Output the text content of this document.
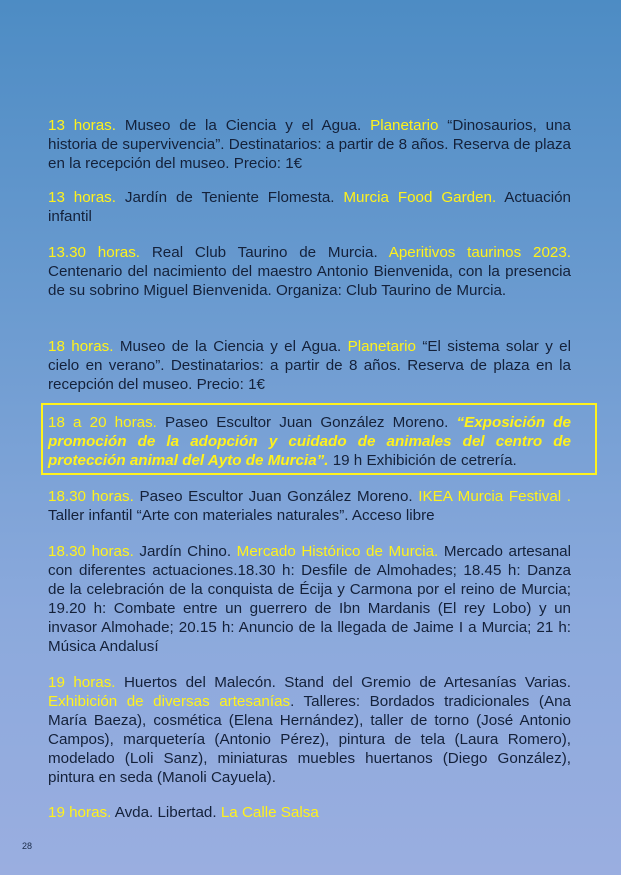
13 horas. Museo de la Ciencia y el Agua. Planetario “Dinosaurios, una historia de supervivencia”. Destinatarios: a partir de 8 años. Reserva de plaza en la recepción del museo. Precio: 1€

13 horas. Jardín de Teniente Flomesta. Murcia Food Garden. Actuación infantil

13.30 horas. Real Club Taurino de Murcia. Aperitivos taurinos 2023. Centenario del nacimiento del maestro Antonio Bienvenida, con la presencia de su sobrino Miguel Bienvenida. Organiza: Club Taurino de Murcia.

18 horas. Museo de la Ciencia y el Agua. Planetario “El sistema solar y el cielo en verano”. Destinatarios: a partir de 8 años. Reserva de plaza en la recepción del museo. Precio: 1€

18 a 20 horas. Paseo Escultor Juan González Moreno. “Exposición de promoción de la adopción y cuidado de animales del centro de protección animal del Ayto de Murcia”. 19 h Exhibición de cetrería.

18.30 horas. Paseo Escultor Juan González Moreno. IKEA Murcia Festival . Taller infantil “Arte con materiales naturales”. Acceso libre

18.30 horas. Jardín Chino. Mercado Histórico de Murcia. Mercado artesanal con diferentes actuaciones.18.30 h: Desfile de Almohades; 18.45 h: Danza de la celebración de la conquista de Écija y Carmona por el reino de Murcia; 19.20 h: Combate entre un guerrero de Ibn Mardanis (El rey Lobo) y un invasor Almohade; 20.15 h: Anuncio de la llegada de Jaime I a Murcia; 21 h: Música Andalusí

19 horas. Huertos del Malecón. Stand del Gremio de Artesanías Varias. Exhibición de diversas artesanías. Talleres: Bordados tradicionales (Ana María Baeza), cosmética (Elena Hernández), taller de torno (José Antonio Campos), marquetería (Antonio Pérez), pintura de tela (Laura Romero), modelado (Loli Sanz), miniaturas muebles huertanos (Diego González), pintura en seda (Manoli Cayuela).

19 horas. Avda. Libertad. La Calle Salsa

28
